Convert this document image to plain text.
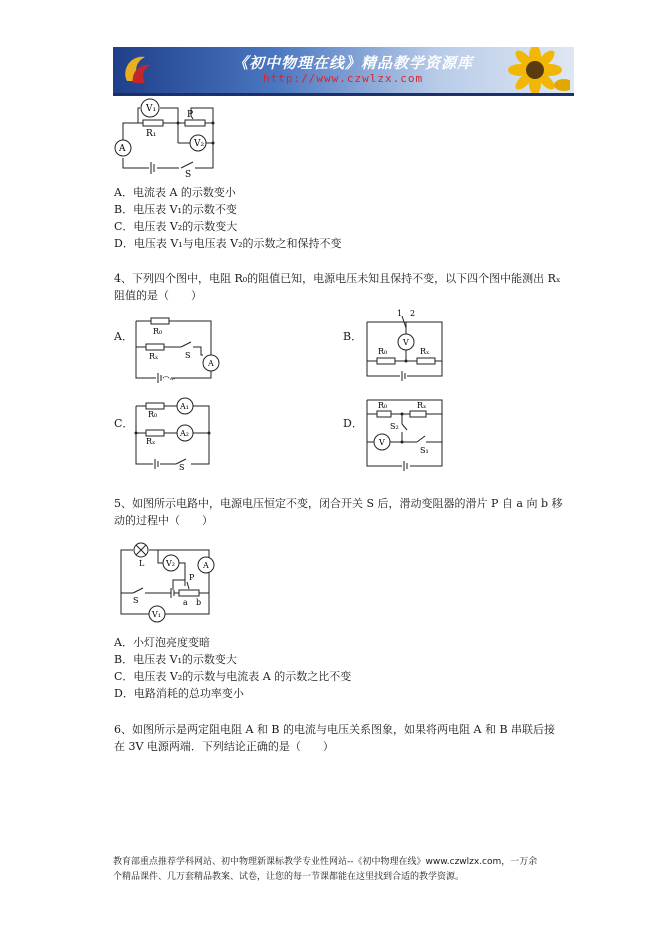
《初中物理在线》精品教学资源库
http://www.czwlzx.com
V₁
R₁
P
V₂
A
S
A．电流表 A 的示数变小
B．电压表 V₁的示数不变
C．电压表 V₂的示数变大
D．电压表 V₁与电压表 V₂的示数之和保持不变
4、下列四个图中，电阻 R₀的阻值已知，电源电压未知且保持不变，以下四个图中能测出 Rₓ
阻值的是（　　）
A．	B．
C．	D．
R₀
Rₓ	S
A
1 2
V
R₀	Rₓ
R₀
A₁
Rₓ
A₂
S
R₀	Rₓ
S₂
V
S₁
5、如图所示电路中，电源电压恒定不变，闭合开关 S 后，滑动变阻器的滑片 P 自 a 向 b 移
动的过程中（　　）
L	V₂	A
P
S	a b
V₁
A．小灯泡亮度变暗
B．电压表 V₁的示数变大
C．电压表 V₂的示数与电流表 A 的示数之比不变
D．电路消耗的总功率变小
6、如图所示是两定阻电阻 A 和 B 的电流与电压关系图象，如果将两电阻 A 和 B 串联后接
在 3V 电源两端．下列结论正确的是（　　）
教育部重点推荐学科网站、初中物理新课标教学专业性网站--《初中物理在线》www.czwlzx.com，一万余
个精品课件、几万套精品教案、试卷，让您的每一节课都能在这里找到合适的教学资源。
